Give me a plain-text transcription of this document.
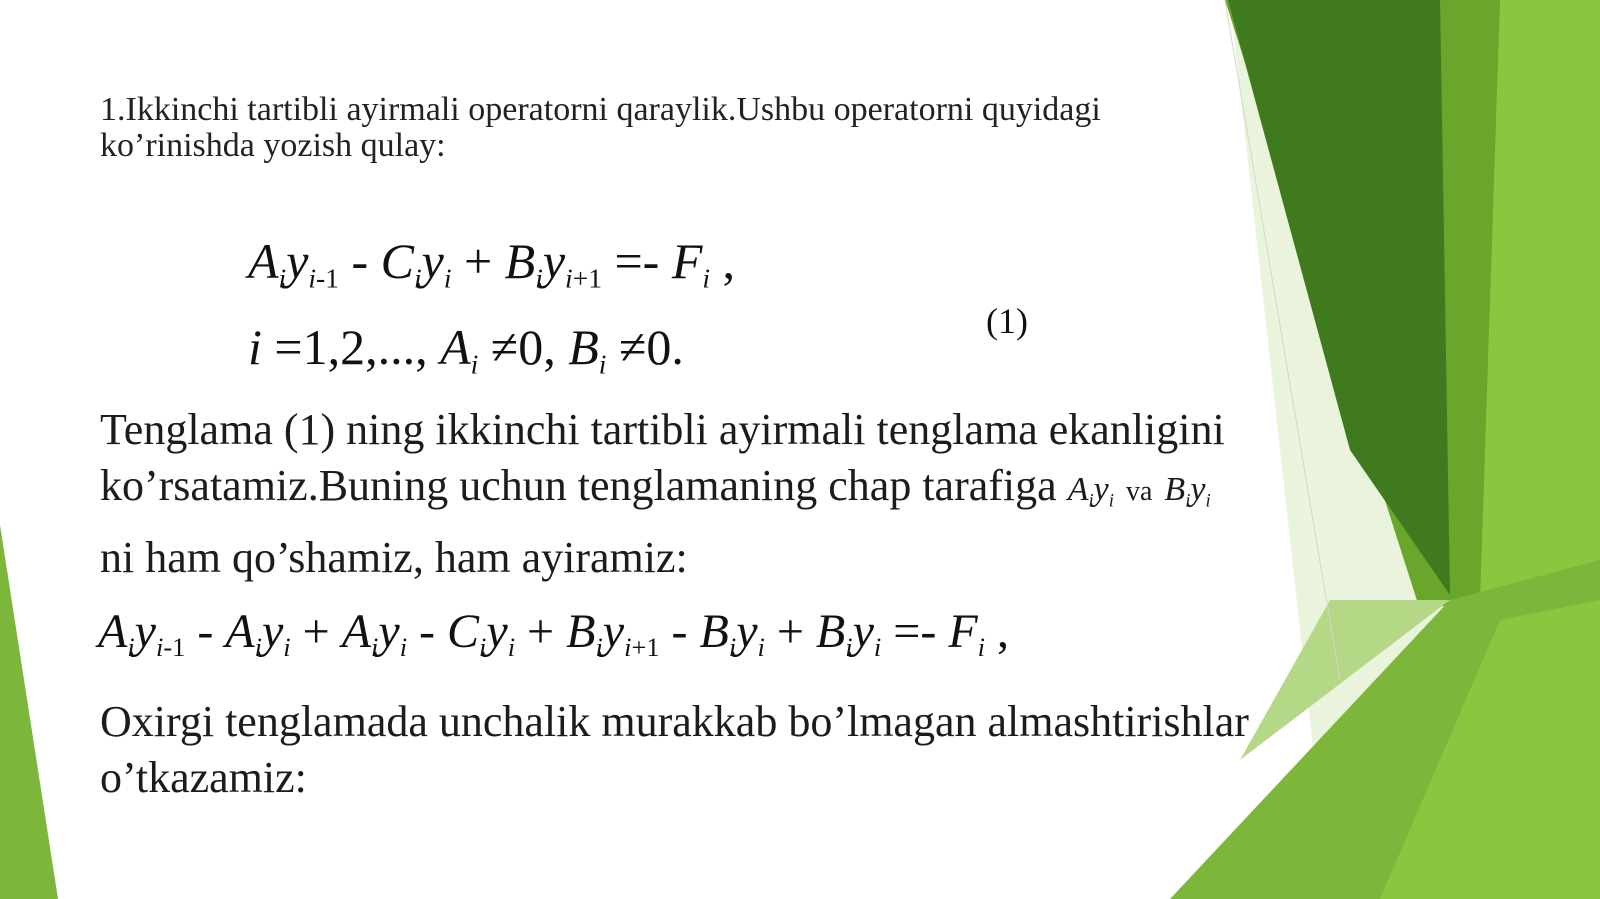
1.Ikkinchi tartibli ayirmali operatorni qaraylik.Ushbu operatorni quyidagi ko’rinishda yozish qulay:
$A_iy_{i-1} - C_iy_i + B_iy_{i+1} =- F_i$ ,
i =1,2,..., $A_i \ne 0$, $B_i \ne 0$.	(1)
Tenglama (1) ning ikkinchi tartibli ayirmali tenglama ekanligini
ko’rsatamiz.Buning uchun tenglamaning chap tarafiga $A_iy_i$ va $B_iy_i$
ni ham qo’shamiz, ham ayiramiz:
$A_iy_{i-1} - A_iy_i + A_iy_i - C_iy_i + B_iy_{i+1} - B_iy_i + B_iy_i =- F_i$ ,
Oxirgi tenglamada unchalik murakkab bo’lmagan almashtirishlar
o’tkazamiz:
